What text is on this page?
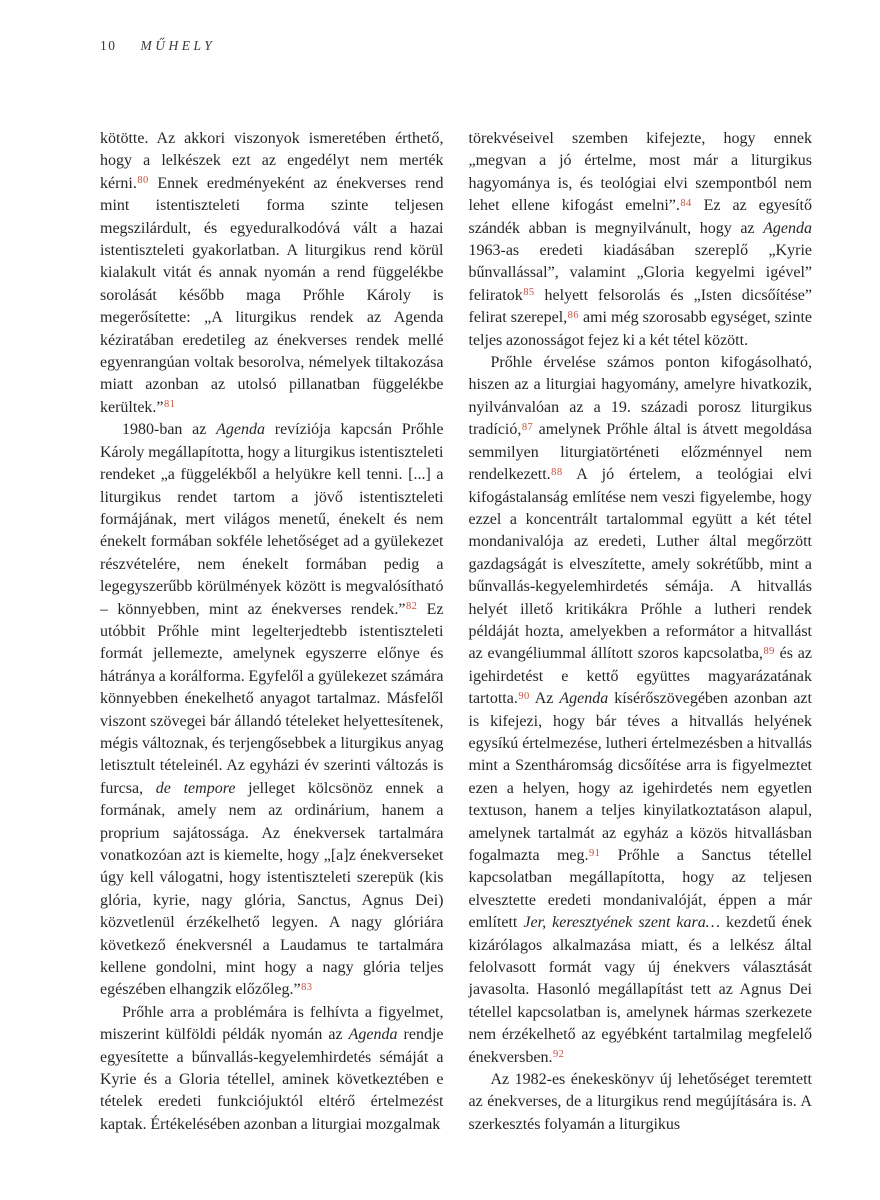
10 MŰHELY

kötötte. Az akkori viszonyok ismeretében érthető, hogy a lelkészek ezt az engedélyt nem merték kérni.$^{80}$ Ennek eredményeként az énekverses rend mint istentiszteleti forma szinte teljesen megszilárdult, és egyeduralkodóvá vált a hazai istentiszteleti gyakorlatban. A liturgikus rend körül kialakult vitát és annak nyomán a rend függelékbe sorolását később maga Prőhle Károly is megerősítette: „A liturgikus rendek az Agenda kéziratában eredetileg az énekverses rendek mellé egyenrangúan voltak besorolva, némelyek tiltakozása miatt azonban az utolsó pillanatban függelékbe kerültek.”$^{81}$

1980-ban az Agenda revíziója kapcsán Prőhle Károly megállapította, hogy a liturgikus istentiszteleti rendeket „a függelékből a helyükre kell tenni. [...] a liturgikus rendet tartom a jövő istentiszteleti formájának, mert világos menetű, énekelt és nem énekelt formában sokféle lehetőséget ad a gyülekezet részvételére, nem énekelt formában pedig a legegyszerűbb körülmények között is megvalósítható – könnyebben, mint az énekverses rendek.”$^{82}$ Ez utóbbit Prőhle mint legelterjedtebb istentiszteleti formát jellemezte, amelynek egyszerre előnye és hátránya a korálforma. Egyfelől a gyülekezet számára könnyebben énekelhető anyagot tartalmaz. Másfelől viszont szövegei bár állandó tételeket helyettesítenek, mégis változnak, és terjengősebbek a liturgikus anyag letisztult tételeinél. Az egyházi év szerinti változás is furcsa, de tempore jelleget kölcsönöz ennek a formának, amely nem az ordinárium, hanem a proprium sajátossága. Az énekversek tartalmára vonatkozóan azt is kiemelte, hogy „[a]z énekverseket úgy kell válogatni, hogy istentiszteleti szerepük (kis glória, kyrie, nagy glória, Sanctus, Agnus Dei) közvetlenül érzékelhető legyen. A nagy glóriára következő énekversnél a Laudamus te tartalmára kellene gondolni, mint hogy a nagy glória teljes egészében elhangzik előzőleg.”$^{83}$

Prőhle arra a problémára is felhívta a figyelmet, miszerint külföldi példák nyomán az Agenda rendje egyesítette a bűnvallás-kegyelemhirdetés sémáját a Kyrie és a Gloria tétellel, aminek következtében e tételek eredeti funkciójuktól eltérő értelmezést kaptak. Értékelésében azonban a liturgiai mozgalmak

törekvéseivel szemben kifejezte, hogy ennek „megvan a jó értelme, most már a liturgikus hagyománya is, és teológiai elvi szempontból nem lehet ellene kifogást emelni”.$^{84}$ Ez az egyesítő szándék abban is megnyilvánult, hogy az Agenda 1963-as eredeti kiadásában szereplő „Kyrie bűnvallással”, valamint „Gloria kegyelmi igével” feliratok$^{85}$ helyett felsorolás és „Isten dicsőítése” felirat szerepel,$^{86}$ ami még szorosabb egységet, szinte teljes azonosságot fejez ki a két tétel között.

Prőhle érvelése számos ponton kifogásolható, hiszen az a liturgiai hagyomány, amelyre hivatkozik, nyilvánvalóan az a 19. századi porosz liturgikus tradíció,$^{87}$ amelynek Prőhle által is átvett megoldása semmilyen liturgiatörténeti előzménnyel nem rendelkezett.$^{88}$ A jó értelem, a teológiai elvi kifogástalanság említése nem veszi figyelembe, hogy ezzel a koncentrált tartalommal együtt a két tétel mondanivalója az eredeti, Luther által megőrzött gazdagságát is elveszítette, amely sokrétűbb, mint a bűnvallás-kegyelemhirdetés sémája. A hitvallás helyét illető kritikákra Prőhle a lutheri rendek példáját hozta, amelyekben a reformátor a hitvallást az evangéliummal állított szoros kapcsolatba,$^{89}$ és az igehirdetést e kettő együttes magyarázatának tartotta.$^{90}$ Az Agenda kísérőszövegében azonban azt is kifejezi, hogy bár téves a hitvallás helyének egysíkú értelmezése, lutheri értelmezésben a hitvallás mint a Szentháromság dicsőítése arra is figyelmeztet ezen a helyen, hogy az igehirdetés nem egyetlen textuson, hanem a teljes kinyilatkoztatáson alapul, amelynek tartalmát az egyház a közös hitvallásban fogalmazta meg.$^{91}$ Prőhle a Sanctus tétellel kapcsolatban megállapította, hogy az teljesen elvesztette eredeti mondanivalóját, éppen a már említett Jer, keresztyének szent kara… kezdetű ének kizárólagos alkalmazása miatt, és a lelkész által felolvasott formát vagy új énekvers választását javasolta. Hasonló megállapítást tett az Agnus Dei tétellel kapcsolatban is, amelynek hármas szerkezete nem érzékelhető az egyébként tartalmilag megfelelő énekversben.$^{92}$

Az 1982-es énekeskönyv új lehetőséget teremtett az énekverses, de a liturgikus rend megújítására is. A szerkesztés folyamán a liturgikus
